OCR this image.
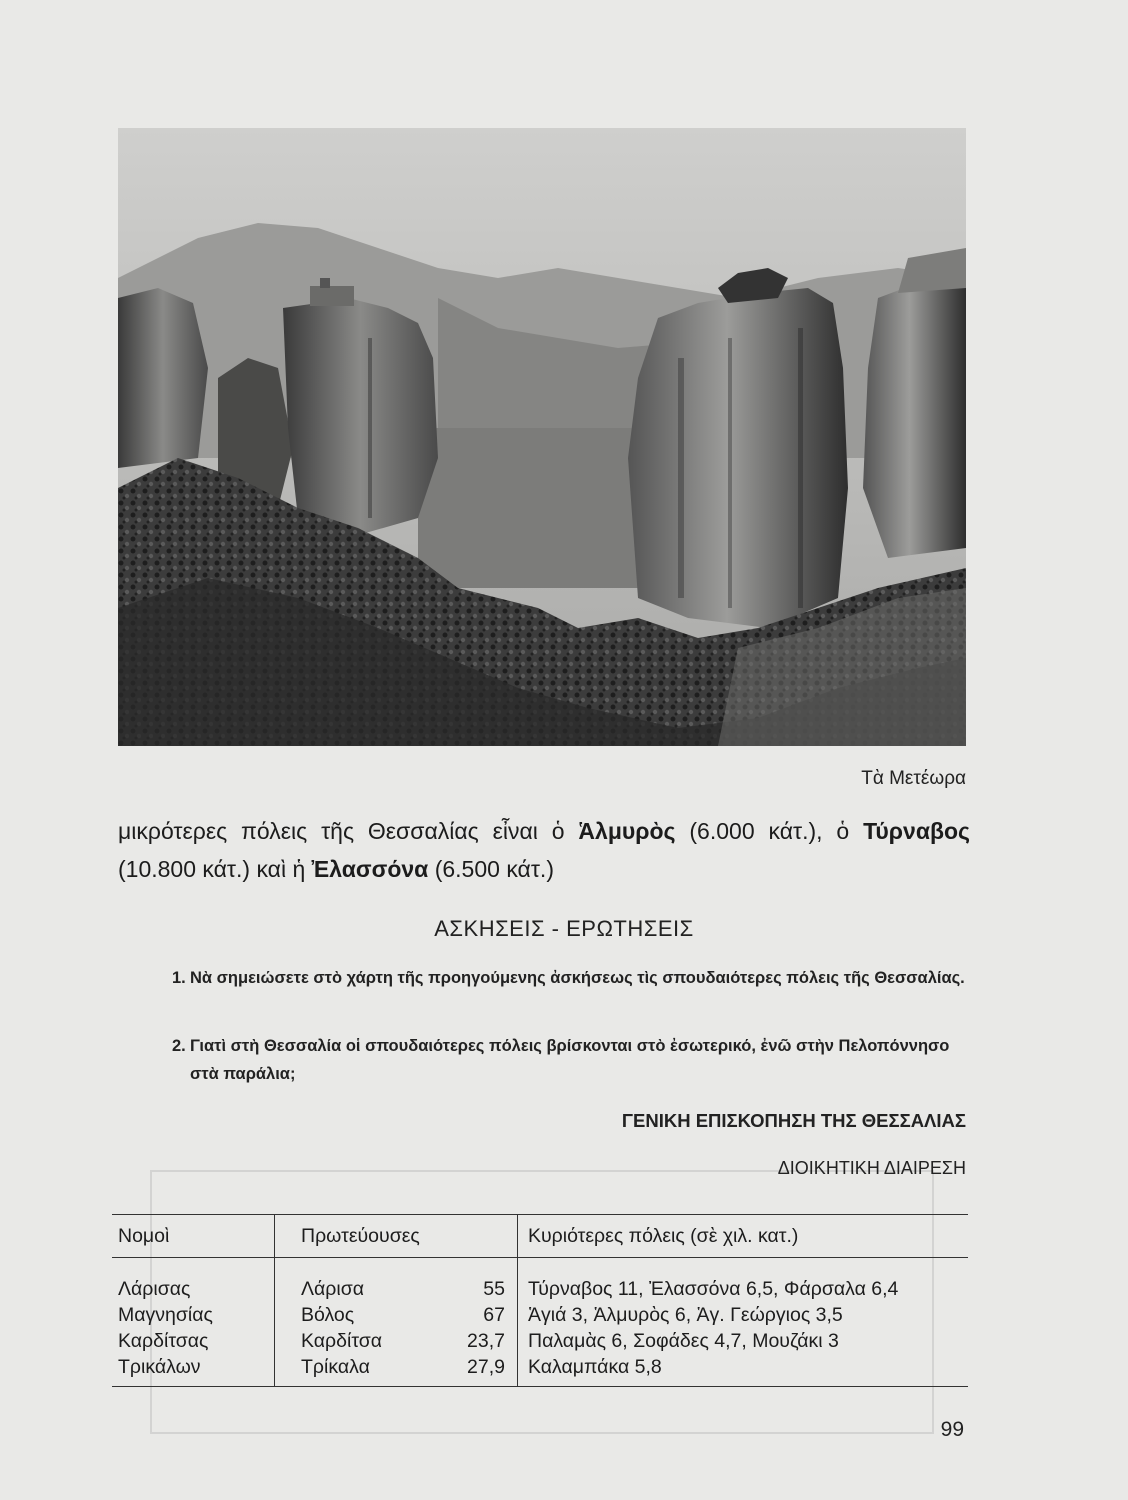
Τὰ Μετέωρα
μικρότερες πόλεις τῆς Θεσσαλίας εἶναι ὁ Ἁλμυρὸς (6.000 κάτ.), ὁ Τύρναβος (10.800 κάτ.) καὶ ἡ Ἐλασσόνα (6.500 κάτ.)
ΑΣΚΗΣΕΙΣ - ΕΡΩΤΗΣΕΙΣ
1. Νὰ σημειώσετε στὸ χάρτη τῆς προηγούμενης ἀσκήσεως τὶς σπουδαιότερες πόλεις τῆς Θεσσαλίας.
2. Γιατὶ στὴ Θεσσαλία οἱ σπουδαιότερες πόλεις βρίσκονται στὸ ἐσωτερικό, ἐνῶ στὴν Πελοπόννησο στὰ παράλια;
ΓΕΝΙΚΗ ΕΠΙΣΚΟΠΗΣΗ ΤΗΣ ΘΕΣΣΑΛΙΑΣ
ΔΙΟΙΚΗΤΙΚΗ ΔΙΑΙΡΕΣΗ
Νομοὶ	Πρωτεύουσες		Κυριότερες πόλεις (σὲ χιλ. κατ.)
Λάρισας	Λάρισα	55	Τύρναβος 11, Ἐλασσόνα 6,5, Φάρσαλα 6,4
Μαγνησίας	Βόλος	67	Ἁγιά 3, Ἁλμυρὸς 6, Ἁγ. Γεώργιος 3,5
Καρδίτσας	Καρδίτσα	23,7	Παλαμὰς 6, Σοφάδες 4,7, Μουζάκι 3
Τρικάλων	Τρίκαλα	27,9	Καλαμπάκα 5,8
99
